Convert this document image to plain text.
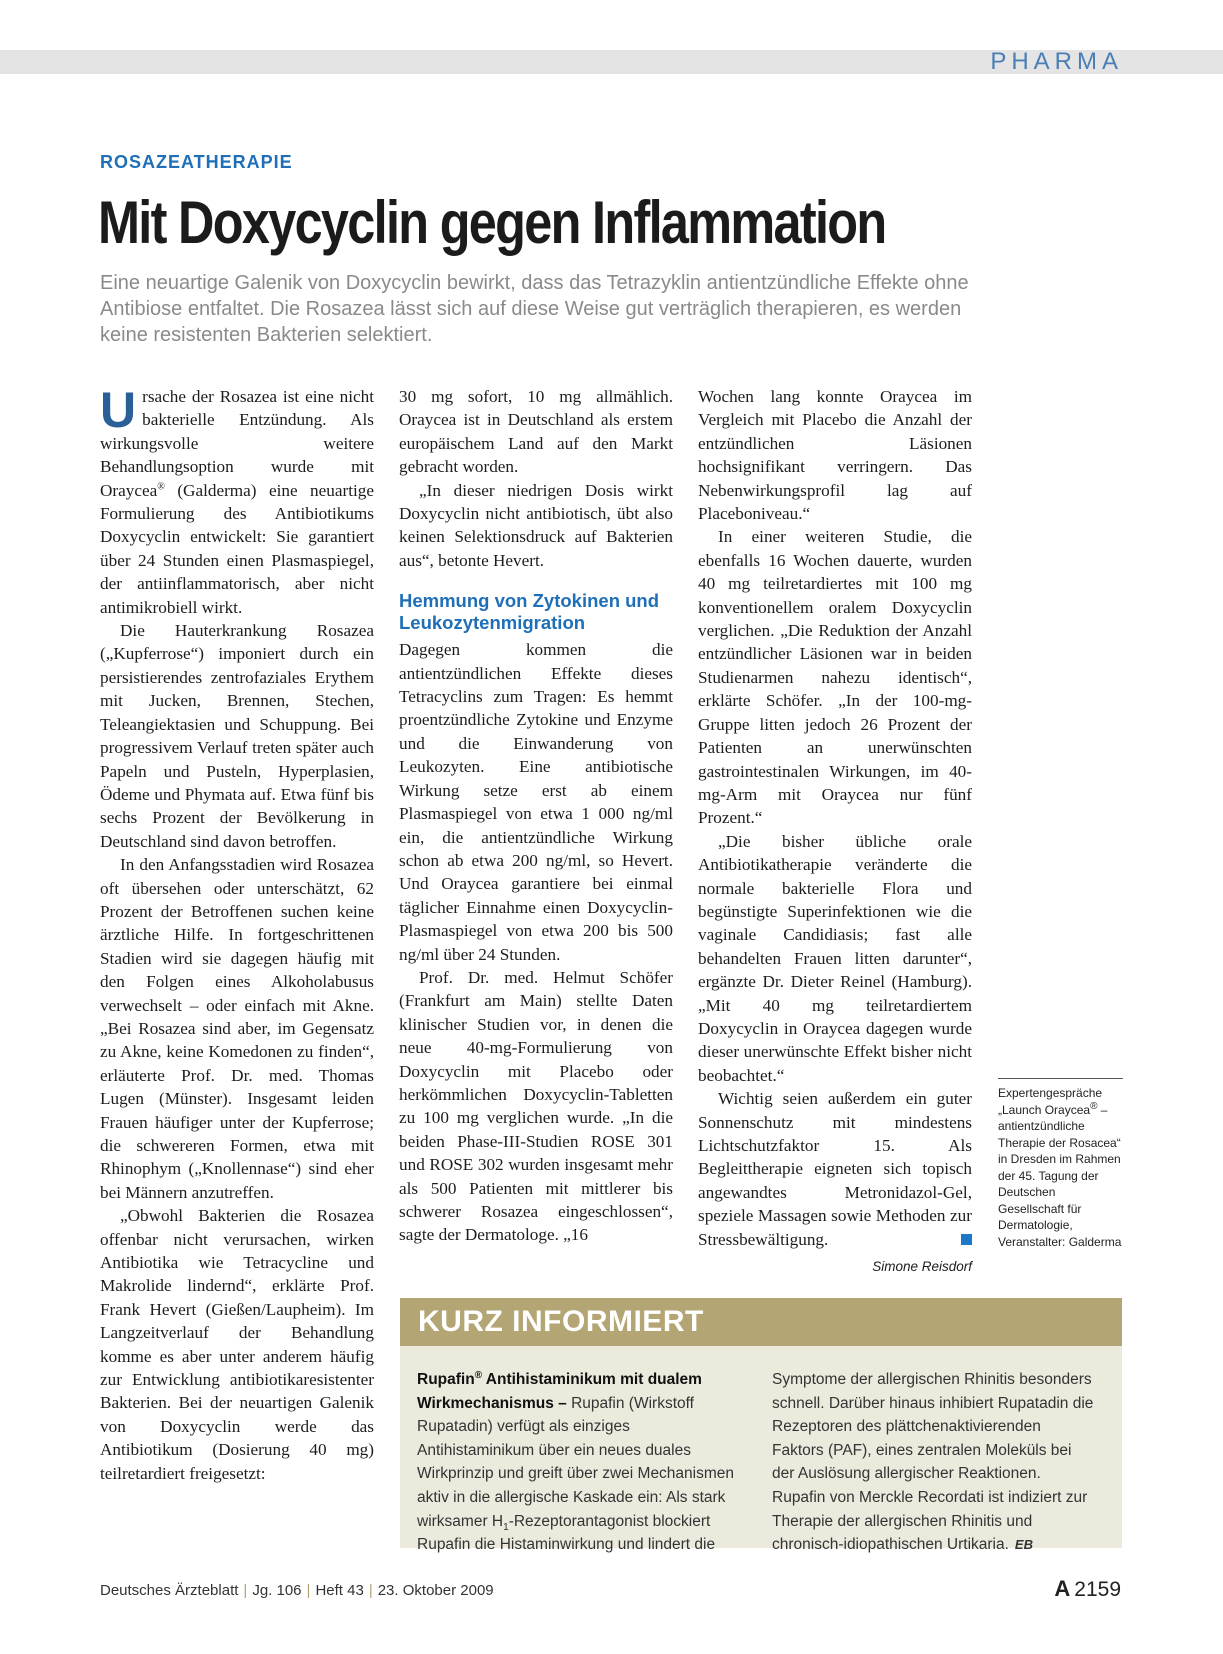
PHARMA
ROSAZEATHERAPIE
Mit Doxycyclin gegen Inflammation
Eine neuartige Galenik von Doxycyclin bewirkt, dass das Tetrazyklin antientzündliche Effekte ohne Antibiose entfaltet. Die Rosazea lässt sich auf diese Weise gut verträglich therapieren, es werden keine resistenten Bakterien selektiert.

Ursache der Rosazea ist eine nicht bakterielle Entzündung. Als wirkungsvolle weitere Behandlungsoption wurde mit Oraycea® (Galderma) eine neuartige Formulierung des Antibiotikums Doxycyclin entwickelt: Sie garantiert über 24 Stunden einen Plasmaspiegel, der antiinflammatorisch, aber nicht antimikrobiell wirkt.

Die Hauterkrankung Rosazea („Kupferrose“) imponiert durch ein persistierendes zentrofaziales Erythem mit Jucken, Brennen, Stechen, Teleangiektasien und Schuppung. Bei progressivem Verlauf treten später auch Papeln und Pusteln, Hyperplasien, Ödeme und Phymata auf. Etwa fünf bis sechs Prozent der Bevölkerung in Deutschland sind davon betroffen.

In den Anfangsstadien wird Rosazea oft übersehen oder unterschätzt, 62 Prozent der Betroffenen suchen keine ärztliche Hilfe. In fortgeschrittenen Stadien wird sie dagegen häufig mit den Folgen eines Alkoholabusus verwechselt – oder einfach mit Akne. „Bei Rosazea sind aber, im Gegensatz zu Akne, keine Komedonen zu finden“, erläuterte Prof. Dr. med. Thomas Lugen (Münster). Insgesamt leiden Frauen häufiger unter der Kupferrose; die schwereren Formen, etwa mit Rhinophym („Knollennase“) sind eher bei Männern anzutreffen.

„Obwohl Bakterien die Rosazea offenbar nicht verursachen, wirken Antibiotika wie Tetracycline und Makrolide lindernd“, erklärte Prof. Frank Hevert (Gießen/Laupheim). Im Langzeitverlauf der Behandlung komme es aber unter anderem häufig zur Entwicklung antibiotikaresistenter Bakterien. Bei der neuartigen Galenik von Doxycyclin werde das Antibiotikum (Dosierung 40 mg) teilretardiert freigesetzt:

30 mg sofort, 10 mg allmählich. Oraycea ist in Deutschland als erstem europäischem Land auf den Markt gebracht worden.

„In dieser niedrigen Dosis wirkt Doxycyclin nicht antibiotisch, übt also keinen Selektionsdruck auf Bakterien aus“, betonte Hevert.

Hemmung von Zytokinen und Leukozytenmigration

Dagegen kommen die antientzündlichen Effekte dieses Tetracyclins zum Tragen: Es hemmt proentzündliche Zytokine und Enzyme und die Einwanderung von Leukozyten. Eine antibiotische Wirkung setze erst ab einem Plasmaspiegel von etwa 1 000 ng/ml ein, die antientzündliche Wirkung schon ab etwa 200 ng/ml, so Hevert. Und Oraycea garantiere bei einmal täglicher Einnahme einen Doxycyclin-Plasmaspiegel von etwa 200 bis 500 ng/ml über 24 Stunden.

Prof. Dr. med. Helmut Schöfer (Frankfurt am Main) stellte Daten klinischer Studien vor, in denen die neue 40-mg-Formulierung von Doxycyclin mit Placebo oder herkömmlichen Doxycyclin-Tabletten zu 100 mg verglichen wurde. „In die beiden Phase-III-Studien ROSE 301 und ROSE 302 wurden insgesamt mehr als 500 Patienten mit mittlerer bis schwerer Rosazea eingeschlossen“, sagte der Dermatologe. „16

Wochen lang konnte Oraycea im Vergleich mit Placebo die Anzahl der entzündlichen Läsionen hochsignifikant verringern. Das Nebenwirkungsprofil lag auf Placeboniveau.“

In einer weiteren Studie, die ebenfalls 16 Wochen dauerte, wurden 40 mg teilretardiertes mit 100 mg konventionellem oralem Doxycyclin verglichen. „Die Reduktion der Anzahl entzündlicher Läsionen war in beiden Studienarmen nahezu identisch“, erklärte Schöfer. „In der 100-mg-Gruppe litten jedoch 26 Prozent der Patienten an unerwünschten gastrointestinalen Wirkungen, im 40-mg-Arm mit Oraycea nur fünf Prozent.“

„Die bisher übliche orale Antibiotikatherapie veränderte die normale bakterielle Flora und begünstigte Superinfektionen wie die vaginale Candidiasis; fast alle behandelten Frauen litten darunter“, ergänzte Dr. Dieter Reinel (Hamburg). „Mit 40 mg teilretardiertem Doxycyclin in Oraycea dagegen wurde dieser unerwünschte Effekt bisher nicht beobachtet.“

Wichtig seien außerdem ein guter Sonnenschutz mit mindestens Lichtschutzfaktor 15. Als Begleittherapie eigneten sich topisch angewandtes Metronidazol-Gel, speziele Massagen sowie Methoden zur Stressbewältigung.

Simone Reisdorf
Expertengespräche „Launch Oraycea® – antientzündliche Therapie der Rosacea“ in Dresden im Rahmen der 45. Tagung der Deutschen Gesellschaft für Dermatologie, Veranstalter: Galderma
KURZ INFORMIERT
Rupafin® Antihistaminikum mit dualem Wirkmechanismus – Rupafin (Wirkstoff Rupatadin) verfügt als einziges Antihistaminikum über ein neues duales Wirkprinzip und greift über zwei Mechanismen aktiv in die allergische Kaskade ein: Als stark wirksamer $H_1$-Rezeptorantagonist blockiert Rupafin die Histaminwirkung und lindert die
Symptome der allergischen Rhinitis besonders schnell. Darüber hinaus inhibiert Rupatadin die Rezeptoren des plättchenaktivierenden Faktors (PAF), eines zentralen Moleküls bei der Auslösung allergischer Reaktionen. Rupafin von Merckle Recordati ist indiziert zur Therapie der allergischen Rhinitis und chronisch-idiopathischen Urtikaria. EB
Deutsches Ärzteblatt | Jg. 106 | Heft 43 | 23. Oktober 2009	A 2159
